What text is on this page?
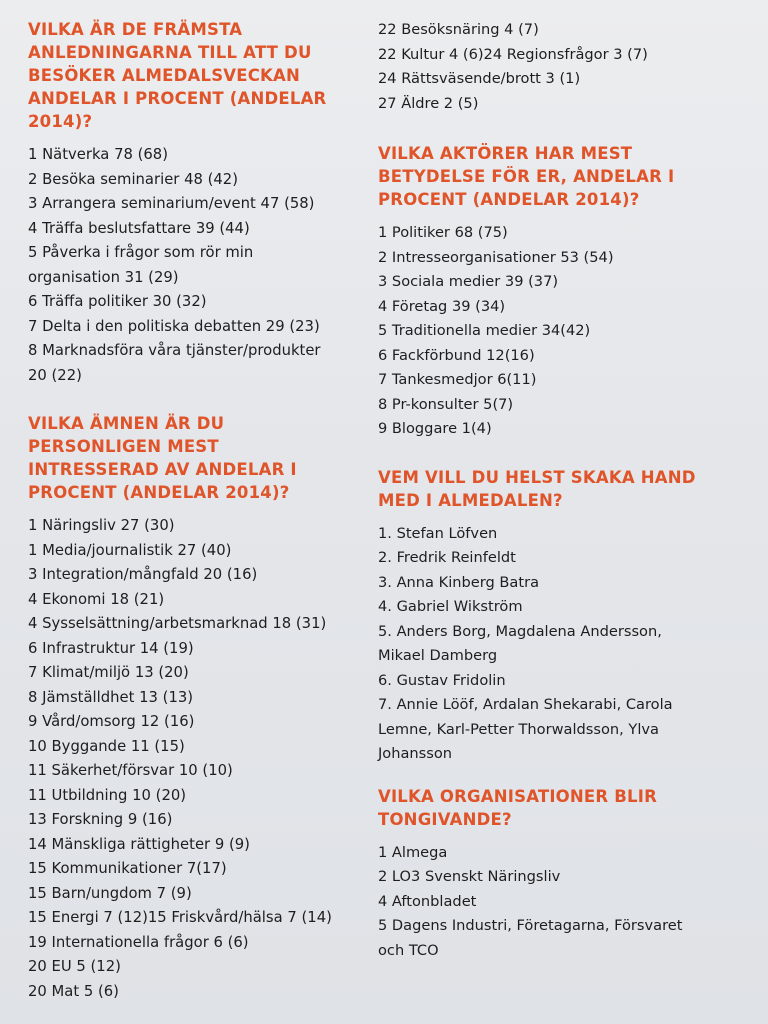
VILKA ÄR DE FRÄMSTA
ANLEDNINGARNA TILL ATT DU
BESÖKER ALMEDALSVECKAN
ANDELAR I PROCENT (ANDELAR
2014)?
1 Nätverka 78 (68)
2 Besöka seminarier 48 (42)
3 Arrangera seminarium/event 47 (58)
4 Träffa beslutsfattare 39 (44)
5 Påverka i frågor som rör min
organisation 31 (29)
6 Träffa politiker 30 (32)
7 Delta i den politiska debatten 29 (23)
8 Marknadsföra våra tjänster/produkter
20 (22)
VILKA ÄMNEN ÄR DU
PERSONLIGEN MEST
INTRESSERAD AV ANDELAR I
PROCENT (ANDELAR 2014)?
1 Näringsliv 27 (30)
1 Media/journalistik 27 (40)
3 Integration/mångfald 20 (16)
4 Ekonomi 18 (21)
4 Sysselsättning/arbetsmarknad 18 (31)
6 Infrastruktur 14 (19)
7 Klimat/miljö 13 (20)
8 Jämställdhet 13 (13)
9 Vård/omsorg 12 (16)
10 Byggande 11 (15)
11 Säkerhet/försvar 10 (10)
11 Utbildning 10 (20)
13 Forskning 9 (16)
14 Mänskliga rättigheter 9 (9)
15 Kommunikationer 7(17)
15 Barn/ungdom 7 (9)
15 Energi 7 (12)15 Friskvård/hälsa 7 (14)
19 Internationella frågor 6 (6)
20 EU 5 (12)
20 Mat 5 (6)
22 Besöksnäring 4 (7)
22 Kultur 4 (6)24 Regionsfrågor 3 (7)
24 Rättsväsende/brott 3 (1)
27 Äldre 2 (5)
VILKA AKTÖRER HAR MEST
BETYDELSE FÖR ER, ANDELAR I
PROCENT (ANDELAR 2014)?
1 Politiker 68 (75)
2 Intresseorganisationer 53 (54)
3 Sociala medier 39 (37)
4 Företag 39 (34)
5 Traditionella medier 34(42)
6 Fackförbund 12(16)
7 Tankesmedjor 6(11)
8 Pr-konsulter 5(7)
9 Bloggare 1(4)
VEM VILL DU HELST SKAKA HAND
MED I ALMEDALEN?
1. Stefan Löfven
2. Fredrik Reinfeldt
3. Anna Kinberg Batra
4. Gabriel Wikström
5. Anders Borg, Magdalena Andersson,
Mikael Damberg
6. Gustav Fridolin
7. Annie Lööf, Ardalan Shekarabi, Carola
Lemne, Karl-Petter Thorwaldsson, Ylva
Johansson
VILKA ORGANISATIONER BLIR
TONGIVANDE?
1 Almega
2 LO3 Svenskt Näringsliv
4 Aftonbladet
5 Dagens Industri, Företagarna, Försvaret
och TCO
